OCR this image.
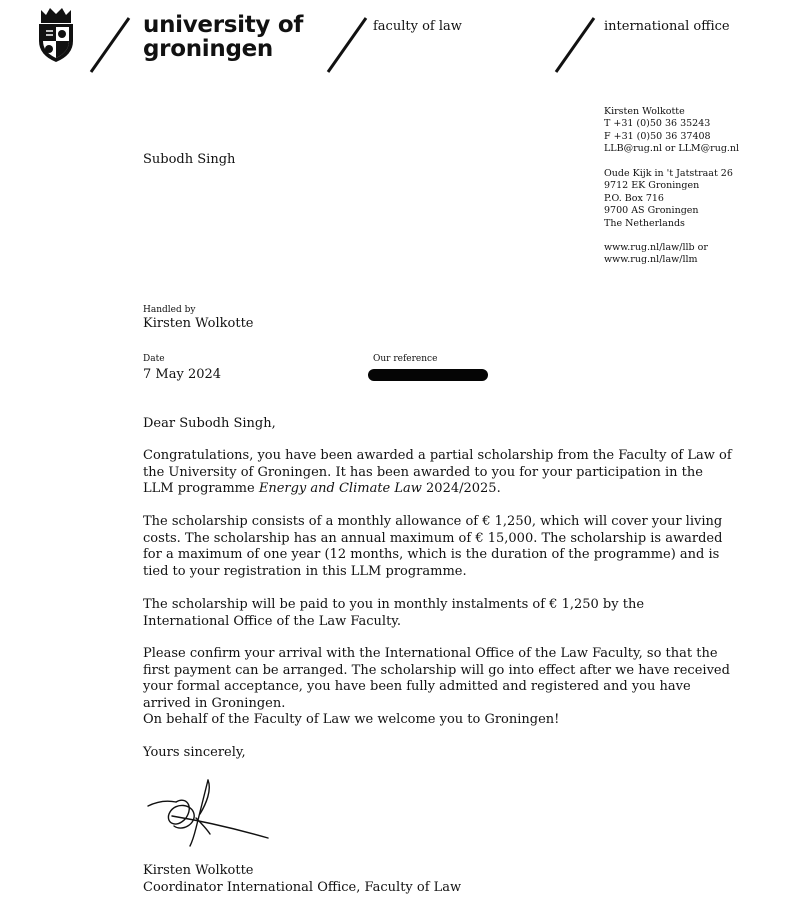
university of
groningen
faculty of law	international office
Kirsten Wolkotte
T +31 (0)50 36 35243
F +31 (0)50 36 37408
LLB@rug.nl or LLM@rug.nl
Oude Kijk in 't Jatstraat 26
9712 EK Groningen
P.O. Box 716
9700 AS Groningen
The Netherlands
www.rug.nl/law/llb or
www.rug.nl/law/llm
Subodh Singh
Handled by
Kirsten Wolkotte
Date
7 May 2024
Our reference
Dear Subodh Singh,

Congratulations, you have been awarded a partial scholarship from the Faculty of Law of the University of Groningen. It has been awarded to you for your participation in the LLM programme Energy and Climate Law 2024/2025.

The scholarship consists of a monthly allowance of € 1,250, which will cover your living costs. The scholarship has an annual maximum of € 15,000. The scholarship is awarded for a maximum of one year (12 months, which is the duration of the programme) and is tied to your registration in this LLM programme.

The scholarship will be paid to you in monthly instalments of € 1,250 by the International Office of the Law Faculty.

Please confirm your arrival with the International Office of the Law Faculty, so that the first payment can be arranged. The scholarship will go into effect after we have received your formal acceptance, you have been fully admitted and registered and you have arrived in Groningen.

On behalf of the Faculty of Law we welcome you to Groningen!
Yours sincerely,
Kirsten Wolkotte
Coordinator International Office, Faculty of Law
